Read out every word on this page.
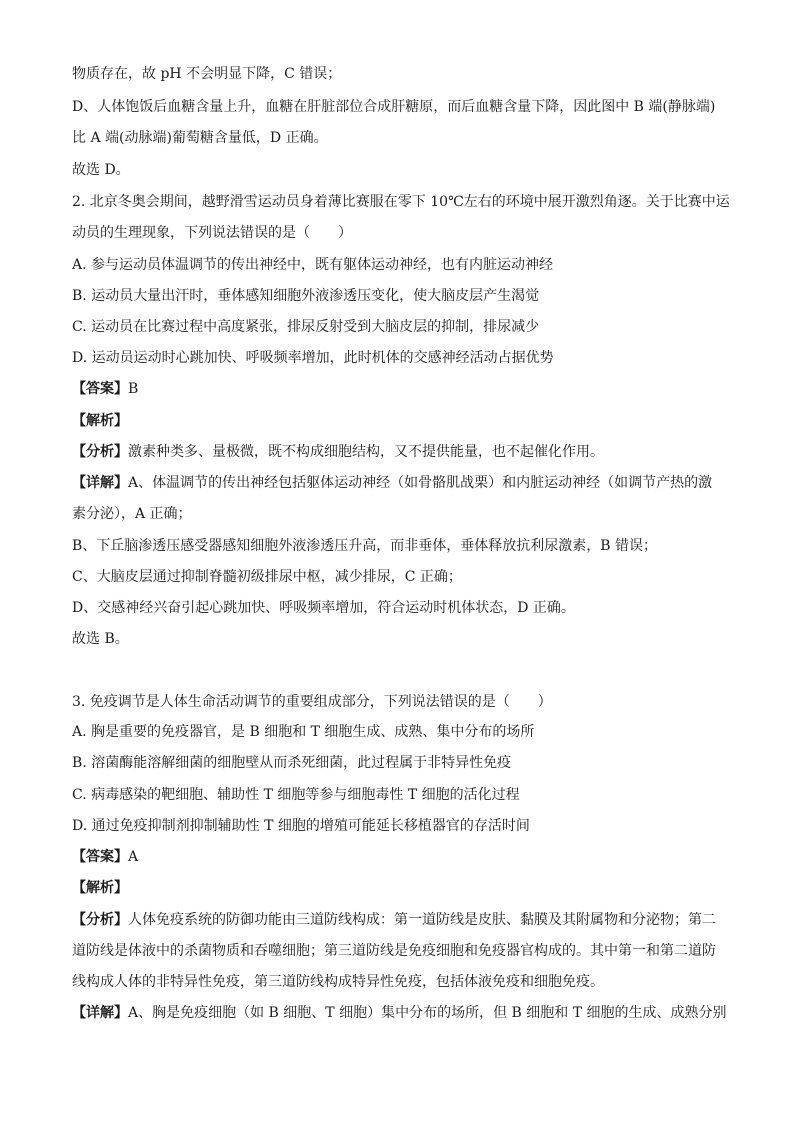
物质存在，故 pH 不会明显下降，C 错误；
D、人体饱饭后血糖含量上升，血糖在肝脏部位合成肝糖原，而后血糖含量下降，因此图中 B 端(静脉端)
比 A 端(动脉端)葡萄糖含量低，D 正确。
故选 D。
2. 北京冬奥会期间，越野滑雪运动员身着薄比赛服在零下 10℃左右的环境中展开激烈角逐。关于比赛中运
动员的生理现象，下列说法错误的是（　　）
A. 参与运动员体温调节的传出神经中，既有躯体运动神经，也有内脏运动神经
B. 运动员大量出汗时，垂体感知细胞外液渗透压变化，使大脑皮层产生渴觉
C. 运动员在比赛过程中高度紧张，排尿反射受到大脑皮层的抑制，排尿减少
D. 运动员运动时心跳加快、呼吸频率增加，此时机体的交感神经活动占据优势
【答案】B
【解析】
【分析】激素种类多、量极微，既不构成细胞结构，又不提供能量，也不起催化作用。
【详解】A、体温调节的传出神经包括躯体运动神经（如骨骼肌战栗）和内脏运动神经（如调节产热的激
素分泌），A 正确；
B、下丘脑渗透压感受器感知细胞外液渗透压升高，而非垂体，垂体释放抗利尿激素，B 错误；
C、大脑皮层通过抑制脊髓初级排尿中枢，减少排尿，C 正确；
D、交感神经兴奋引起心跳加快、呼吸频率增加，符合运动时机体状态，D 正确。
故选 B。
3. 免疫调节是人体生命活动调节的重要组成部分，下列说法错误的是（　　）
A. 胸是重要的免疫器官，是 B 细胞和 T 细胞生成、成熟、集中分布的场所
B. 溶菌酶能溶解细菌的细胞壁从而杀死细菌，此过程属于非特异性免疫
C. 病毒感染的靶细胞、辅助性 T 细胞等参与细胞毒性 T 细胞的活化过程
D. 通过免疫抑制剂抑制辅助性 T 细胞的增殖可能延长移植器官的存活时间
【答案】A
【解析】
【分析】人体免疫系统的防御功能由三道防线构成：第一道防线是皮肤、黏膜及其附属物和分泌物；第二
道防线是体液中的杀菌物质和吞噬细胞；第三道防线是免疫细胞和免疫器官构成的。其中第一和第二道防
线构成人体的非特异性免疫，第三道防线构成特异性免疫，包括体液免疫和细胞免疫。
【详解】A、胸是免疫细胞（如 B 细胞、T 细胞）集中分布的场所，但 B 细胞和 T 细胞的生成、成熟分别
